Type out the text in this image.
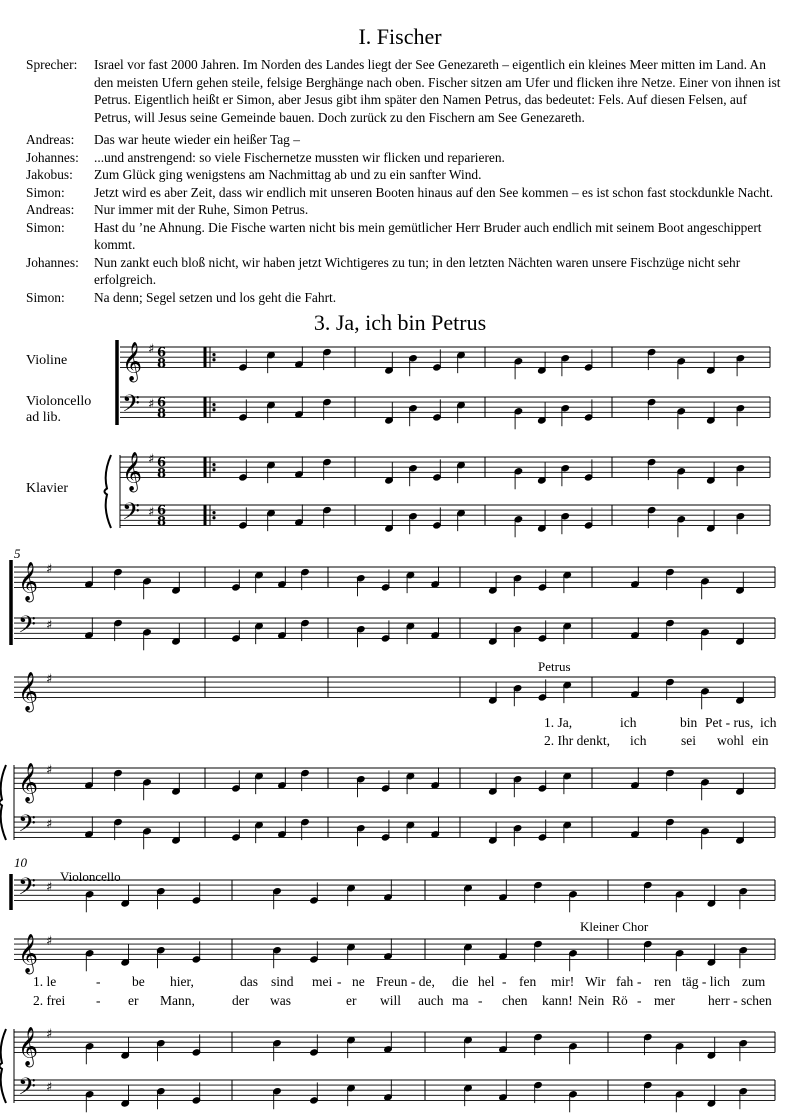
I. Fischer
Sprecher:	Israel vor fast 2000 Jahren. Im Norden des Landes liegt der See Genezareth – eigentlich ein kleines Meer mitten im Land. An den meisten Ufern gehen steile, felsige Berghänge nach oben. Fischer sitzen am Ufer und flicken ihre Netze. Einer von ihnen ist Petrus. Eigentlich heißt er Simon, aber Jesus gibt ihm später den Namen Petrus, das bedeutet: Fels. Auf diesen Felsen, auf Petrus, will Jesus seine Gemeinde bauen. Doch zurück zu den Fischern am See Genezareth.
Andreas:	Das war heute wieder ein heißer Tag –
Johannes:	...und anstrengend: so viele Fischernetze mussten wir flicken und reparieren.
Jakobus:	Zum Glück ging wenigstens am Nachmittag ab und zu ein sanfter Wind.
Simon:	Jetzt wird es aber Zeit, dass wir endlich mit unseren Booten hinaus auf den See kommen – es ist schon fast stockdunkle Nacht.
Andreas:	Nur immer mit der Ruhe, Simon Petrus.
Simon:	Hast du ’ne Ahnung. Die Fische warten nicht bis mein gemütlicher Herr Bruder auch endlich mit seinem Boot angeschippert kommt.
Johannes:	Nun zankt euch bloß nicht, wir haben jetzt Wichtigeres zu tun; in den letzten Nächten waren unsere Fischzüge nicht sehr erfolgreich.
Simon:	Na denn; Segel setzen und los geht die Fahrt.
3. Ja, ich bin Petrus
Violine
Violoncello
ad lib.
Klavier
5
10
Petrus
Violoncello
Kleiner Chor
1. Ja,	ich	bin Pet - rus, ich
2. Ihr denkt, ich	sei wohl ein
1. le	- be hier,	das sind mei - ne Freun - de, die hel - fen mir! Wir fah - ren täg - lich zum
2. frei - er Mann,	der was	er will auch ma - chen kann! Nein Rö - mer herr - schen
𝄞 ♯ 6
8
𝄢 ♯ 6
8
𝄞 ♯ 6
8
𝄢 ♯ 6
8
𝄞 ♯
𝄢 ♯
𝄞 ♯
𝄞 ♯
𝄢 ♯
𝄢 ♯
𝄞 ♯
𝄞 ♯
𝄢 ♯
